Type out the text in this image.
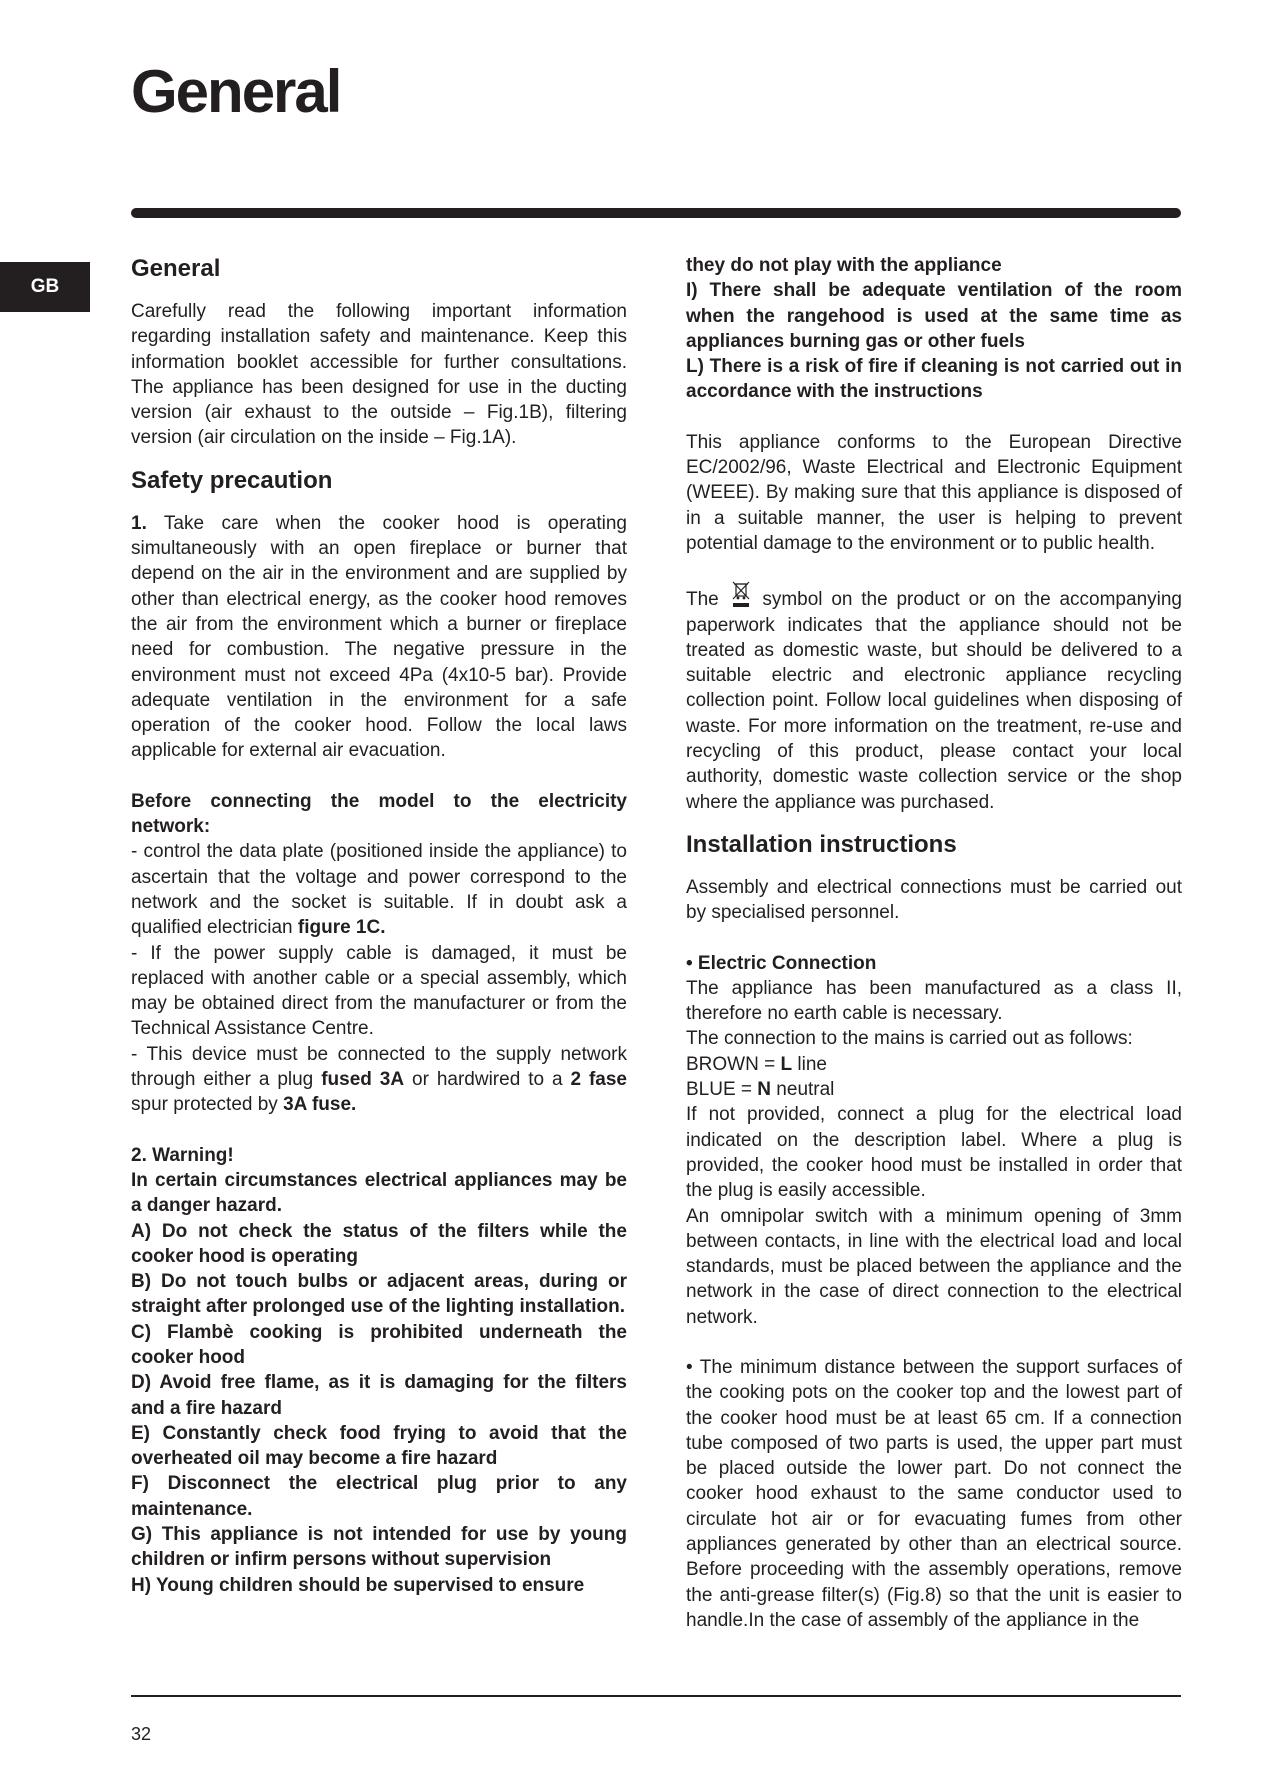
General
GB
General

Carefully read the following important information regarding installation safety and maintenance. Keep this information booklet accessible for further consultations. The appliance has been designed for use in the ducting version (air exhaust to the outside – Fig.1B), filtering version (air circulation on the inside – Fig.1A).

Safety precaution

1. Take care when the cooker hood is operating simultaneously with an open fireplace or burner that depend on the air in the environment and are supplied by other than electrical energy, as the cooker hood removes the air from the environment which a burner or fireplace need for combustion. The negative pressure in the environment must not exceed 4Pa (4x10-5 bar). Provide adequate ventilation in the environment for a safe operation of the cooker hood. Follow the local laws applicable for external air evacuation.

Before connecting the model to the electricity network:

- control the data plate (positioned inside the appliance) to ascertain that the voltage and power correspond to the network and the socket is suitable. If in doubt ask a qualified electrician figure 1C.

- If the power supply cable is damaged, it must be replaced with another cable or a special assembly, which may be obtained direct from the manufacturer or from the Technical Assistance Centre.

- This device must be connected to the supply network through either a plug fused 3A or hardwired to a 2 fase spur protected by 3A fuse.

2. Warning!

In certain circumstances electrical appliances may be a danger hazard.

A) Do not check the status of the filters while the cooker hood is operating

B) Do not touch bulbs or adjacent areas, during or straight after prolonged use of the lighting installation.

C) Flambè cooking is prohibited underneath the cooker hood

D) Avoid free flame, as it is damaging for the filters and a fire hazard

E) Constantly check food frying to avoid that the overheated oil may become a fire hazard

F) Disconnect the electrical plug prior to any maintenance.

G) This appliance is not intended for use by young children or infirm persons without supervision

H) Young children should be supervised to ensure

they do not play with the appliance

I) There shall be adequate ventilation of the room when the rangehood is used at the same time as appliances burning gas or other fuels

L) There is a risk of fire if cleaning is not carried out in accordance with the instructions

This appliance conforms to the European Directive EC/2002/96, Waste Electrical and Electronic Equipment (WEEE). By making sure that this appliance is disposed of in a suitable manner, the user is helping to prevent potential damage to the environment or to public health.

The  symbol on the product or on the accompanying paperwork indicates that the appliance should not be treated as domestic waste, but should be delivered to a suitable electric and electronic appliance recycling collection point. Follow local guidelines when disposing of waste. For more information on the treatment, re-use and recycling of this product, please contact your local authority, domestic waste collection service or the shop where the appliance was purchased.

Installation instructions

Assembly and electrical connections must be carried out by specialised personnel.

• Electric Connection

The appliance has been manufactured as a class II, therefore no earth cable is necessary.

The connection to the mains is carried out as follows:

BROWN = L line

BLUE = N neutral

If not provided, connect a plug for the electrical load indicated on the description label. Where a plug is provided, the cooker hood must be installed in order that the plug is easily accessible.

An omnipolar switch with a minimum opening of 3mm between contacts, in line with the electrical load and local standards, must be placed between the appliance and the network in the case of direct connection to the electrical network.

• The minimum distance between the support surfaces of the cooking pots on the cooker top and the lowest part of the cooker hood must be at least 65 cm. If a connection tube composed of two parts is used, the upper part must be placed outside the lower part. Do not connect the cooker hood exhaust to the same conductor used to circulate hot air or for evacuating fumes from other appliances generated by other than an electrical source. Before proceeding with the assembly operations, remove the anti-grease filter(s) (Fig.8) so that the unit is easier to handle.In the case of assembly of the appliance in the

32
